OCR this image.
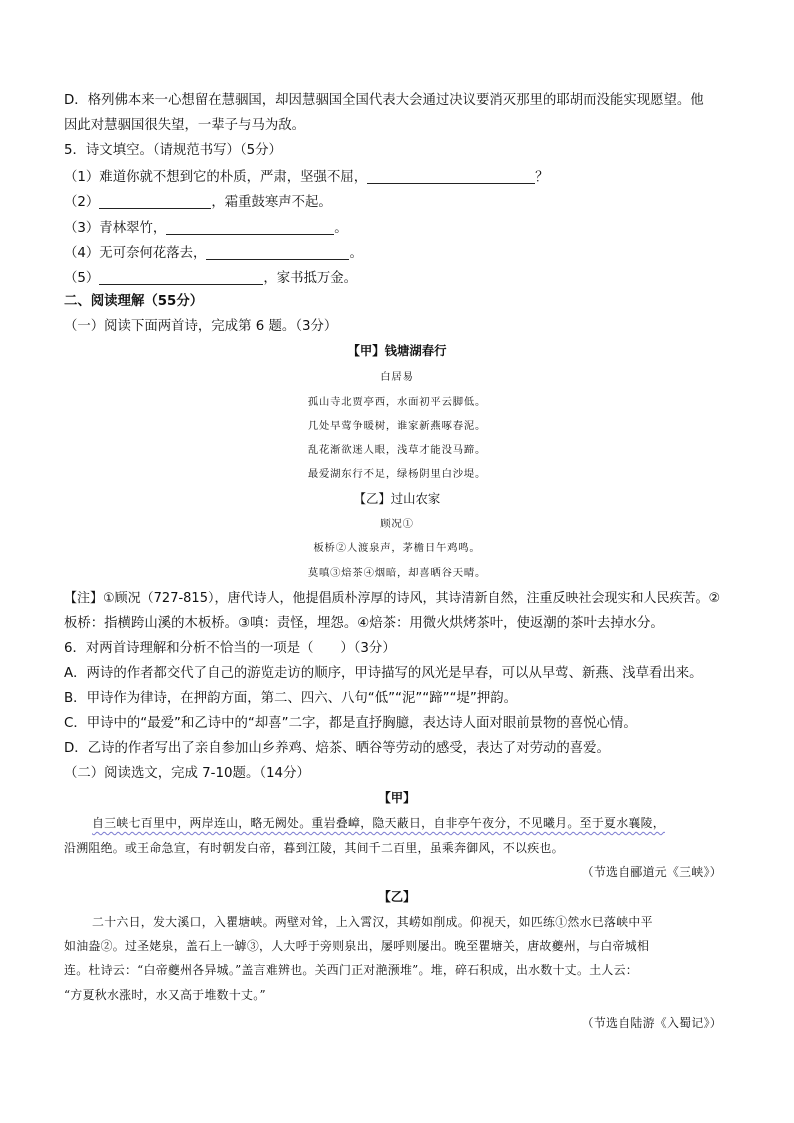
D．格列佛本来一心想留在慧骃国，却因慧骃国全国代表大会通过决议要消灭那里的耶胡而没能实现愿望。他
因此对慧骃国很失望，一辈子与马为敌。
5．诗文填空。（请规范书写）（5分）
（1）难道你就不想到它的朴质，严肃，坚强不屈，	？
（2）	，霜重鼓寒声不起。
（3）青林翠竹，	。
（4）无可奈何花落去，	。
（5）	，家书抵万金。
二、阅读理解（55分）
（一）阅读下面两首诗，完成第 6 题。（3分）
【甲】钱塘湖春行
白居易
孤山寺北贾亭西，水面初平云脚低。
几处早莺争暖树，谁家新燕啄春泥。
乱花渐欲迷人眼，浅草才能没马蹄。
最爱湖东行不足，绿杨阴里白沙堤。
【乙】过山农家
顾况①
板桥②人渡泉声，茅檐日午鸡鸣。
莫嗔③焙茶④烟暗，却喜晒谷天晴。
【注】①顾况（727-815），唐代诗人，他提倡质朴淳厚的诗风，其诗清新自然，注重反映社会现实和人民疾苦。②
板桥：指横跨山溪的木板桥。③嗔：责怪，埋怨。④焙茶：用微火烘烤茶叶，使返潮的茶叶去掉水分。
6．对两首诗理解和分析不恰当的一项是（　　）（3分）
A．两诗的作者都交代了自己的游览走访的顺序，甲诗描写的风光是早春，可以从早莺、新燕、浅草看出来。
B．甲诗作为律诗，在押韵方面，第二、四六、八句“低”“泥”“蹄”“堤”押韵。
C．甲诗中的“最爱”和乙诗中的“却喜”二字，都是直抒胸臆，表达诗人面对眼前景物的喜悦心情。
D．乙诗的作者写出了亲自参加山乡养鸡、焙茶、晒谷等劳动的感受，表达了对劳动的喜爱。
（二）阅读选文，完成 7-10题。（14分）
【甲】
自三峡七百里中，两岸连山，略无阙处。重岩叠嶂，隐天蔽日，自非亭午夜分，不见曦月。至于夏水襄陵，
沿溯阻绝。或王命急宣，有时朝发白帝，暮到江陵，其间千二百里，虽乘奔御风，不以疾也。
（节选自郦道元《三峡》）
【乙】
二十六日，发大溪口，入瞿塘峡。两壁对耸，上入霄汉，其崂如削成。仰视天，如匹练①然水已落峡中平
如油盎②。过圣姥泉，盖石上一罅③，人大呼于旁则泉出，屡呼则屡出。晚至瞿塘关，唐故夔州，与白帝城相
连。杜诗云：“白帝夔州各异城。”盖言难辨也。关西门正对滟滪堆”。堆，碎石积成，出水数十丈。土人云：
“方夏秋水涨时，水又高于堆数十丈。”
（节选自陆游《入蜀记》）
